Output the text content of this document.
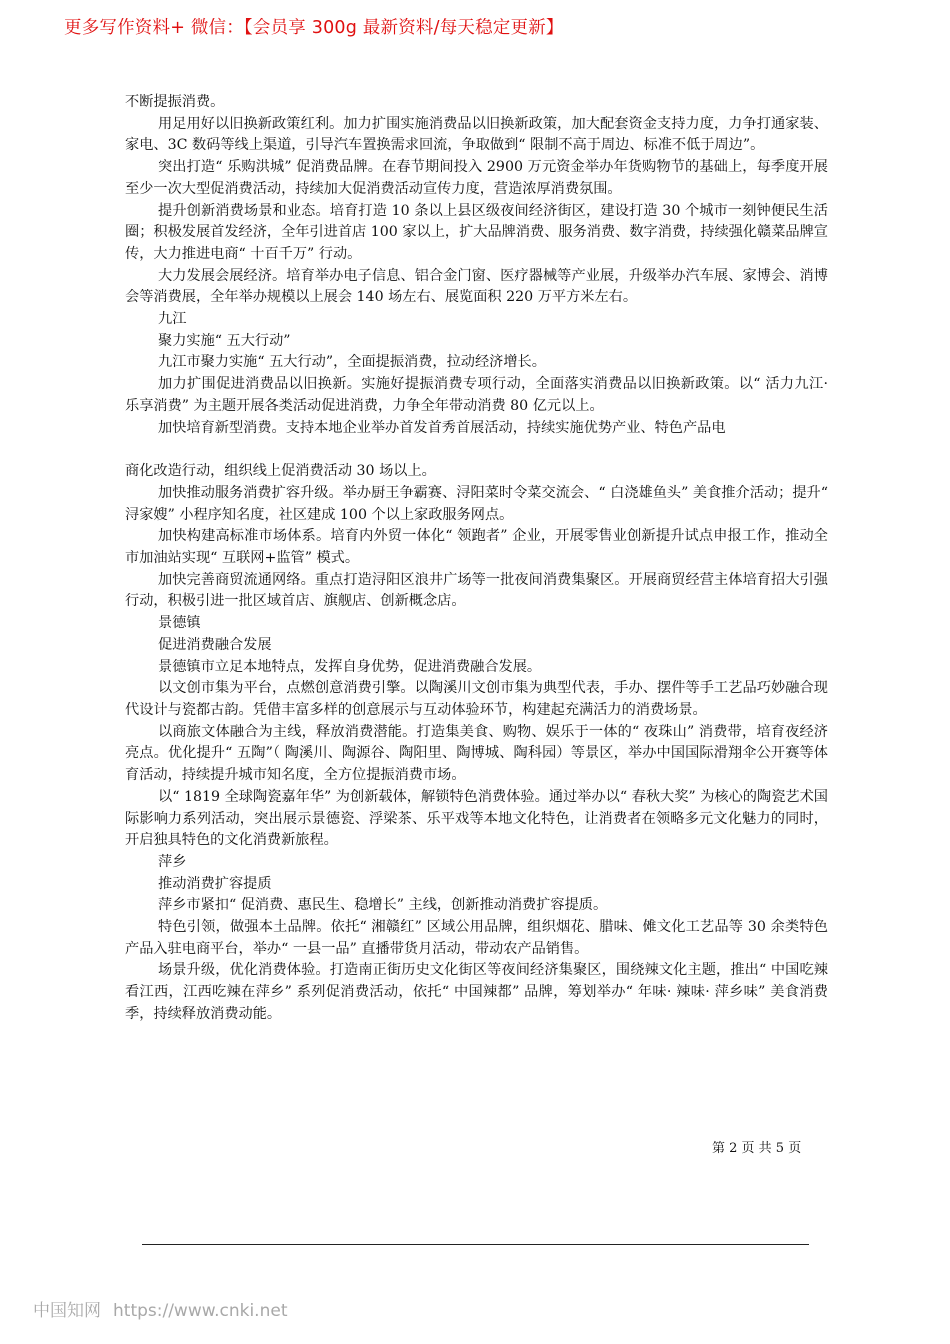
更多写作资料+ 微信：【会员享 300g 最新资料/每天稳定更新】

不断提振消费。

用足用好以旧换新政策红利。加力扩围实施消费品以旧换新政策，加大配套资金支持力度，力争打通家装、家电、3C 数码等线上渠道，引导汽车置换需求回流，争取做到“ 限制不高于周边、标准不低于周边”。

突出打造“ 乐购洪城” 促消费品牌。在春节期间投入 2900 万元资金举办年货购物节的基础上，每季度开展至少一次大型促消费活动，持续加大促消费活动宣传力度，营造浓厚消费氛围。

提升创新消费场景和业态。培育打造 10 条以上县区级夜间经济街区，建设打造 30 个城市一刻钟便民生活圈；积极发展首发经济，全年引进首店 100 家以上，扩大品牌消费、服务消费、数字消费，持续强化赣菜品牌宣传，大力推进电商“ 十百千万” 行动。

大力发展会展经济。培育举办电子信息、铝合金门窗、医疗器械等产业展，升级举办汽车展、家博会、消博会等消费展，全年举办规模以上展会 140 场左右、展览面积 220 万平方米左右。

九江

聚力实施“ 五大行动”

九江市聚力实施“ 五大行动”，全面提振消费，拉动经济增长。

加力扩围促进消费品以旧换新。实施好提振消费专项行动，全面落实消费品以旧换新政策。以“ 活力九江· 乐享消费” 为主题开展各类活动促进消费，力争全年带动消费 80 亿元以上。

加快培育新型消费。支持本地企业举办首发首秀首展活动，持续实施优势产业、特色产品电

商化改造行动，组织线上促消费活动 30 场以上。

加快推动服务消费扩容升级。举办厨王争霸赛、浔阳菜时令菜交流会、“ 白浇雄鱼头” 美食推介活动；提升“ 浔家嫂” 小程序知名度，社区建成 100 个以上家政服务网点。

加快构建高标准市场体系。培育内外贸一体化“ 领跑者” 企业，开展零售业创新提升试点申报工作，推动全市加油站实现“ 互联网+监管” 模式。

加快完善商贸流通网络。重点打造浔阳区浪井广场等一批夜间消费集聚区。开展商贸经营主体培育招大引强行动，积极引进一批区域首店、旗舰店、创新概念店。

景德镇

促进消费融合发展

景德镇市立足本地特点，发挥自身优势，促进消费融合发展。

以文创市集为平台，点燃创意消费引擎。以陶溪川文创市集为典型代表，手办、摆件等手工艺品巧妙融合现代设计与瓷都古韵。凭借丰富多样的创意展示与互动体验环节，构建起充满活力的消费场景。

以商旅文体融合为主线，释放消费潜能。打造集美食、购物、娱乐于一体的“ 夜珠山” 消费带，培育夜经济亮点。优化提升“ 五陶”（ 陶溪川、陶源谷、陶阳里、陶博城、陶科园）等景区，举办中国国际滑翔伞公开赛等体育活动，持续提升城市知名度，全方位提振消费市场。

以“ 1819 全球陶瓷嘉年华” 为创新载体，解锁特色消费体验。通过举办以“ 春秋大奖” 为核心的陶瓷艺术国际影响力系列活动，突出展示景德瓷、浮梁茶、乐平戏等本地文化特色，让消费者在领略多元文化魅力的同时，开启独具特色的文化消费新旅程。

萍乡

推动消费扩容提质

萍乡市紧扣“ 促消费、惠民生、稳增长” 主线，创新推动消费扩容提质。

特色引领，做强本土品牌。依托“ 湘赣红” 区域公用品牌，组织烟花、腊味、傩文化工艺品等 30 余类特色产品入驻电商平台，举办“ 一县一品” 直播带货月活动，带动农产品销售。

场景升级，优化消费体验。打造南正街历史文化街区等夜间经济集聚区，围绕辣文化主题，推出“ 中国吃辣看江西，江西吃辣在萍乡” 系列促消费活动，依托“ 中国辣都” 品牌，筹划举办“ 年味· 辣味· 萍乡味” 美食消费季，持续释放消费动能。

第 2 页 共 5 页
中国知网 https://www.cnki.net
